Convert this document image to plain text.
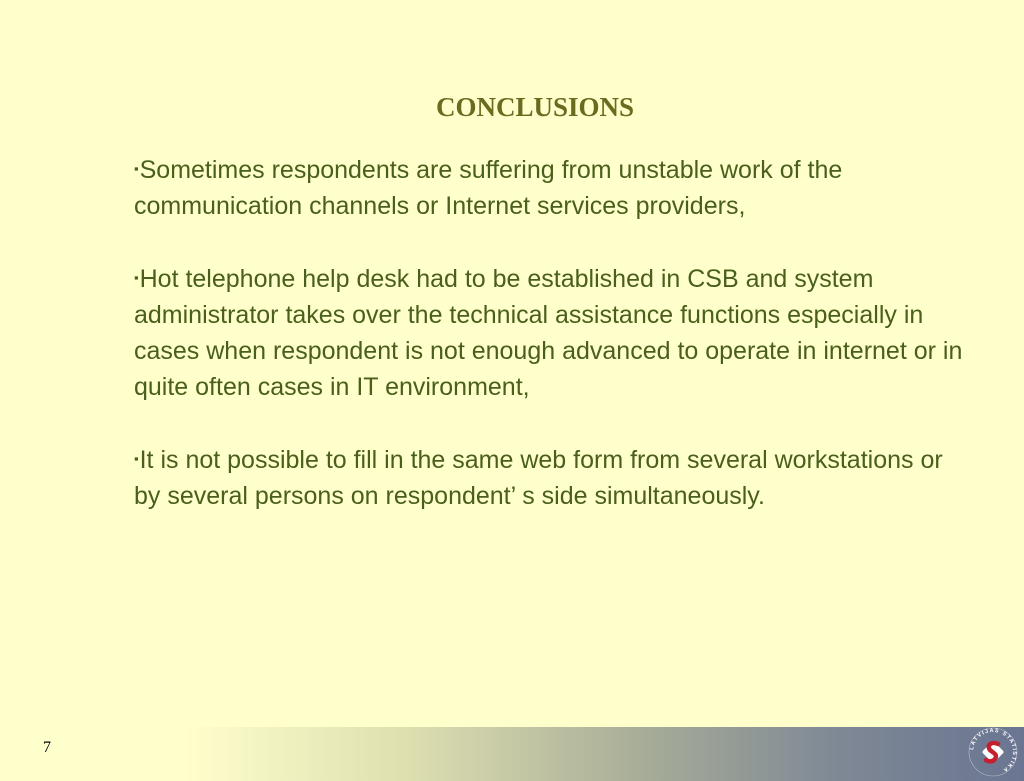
CONCLUSIONS
▪Sometimes respondents are suffering from unstable work of the communication channels or Internet services providers,
▪Hot telephone help desk had to be established in CSB and system administrator takes over the technical assistance functions especially in cases when respondent is not enough advanced to operate in internet or in quite often cases in IT environment,
▪It is not possible to fill in the same web form from several workstations or by several persons on respondent’ s side simultaneously.
7	LATVIJAS STATISTIKA
